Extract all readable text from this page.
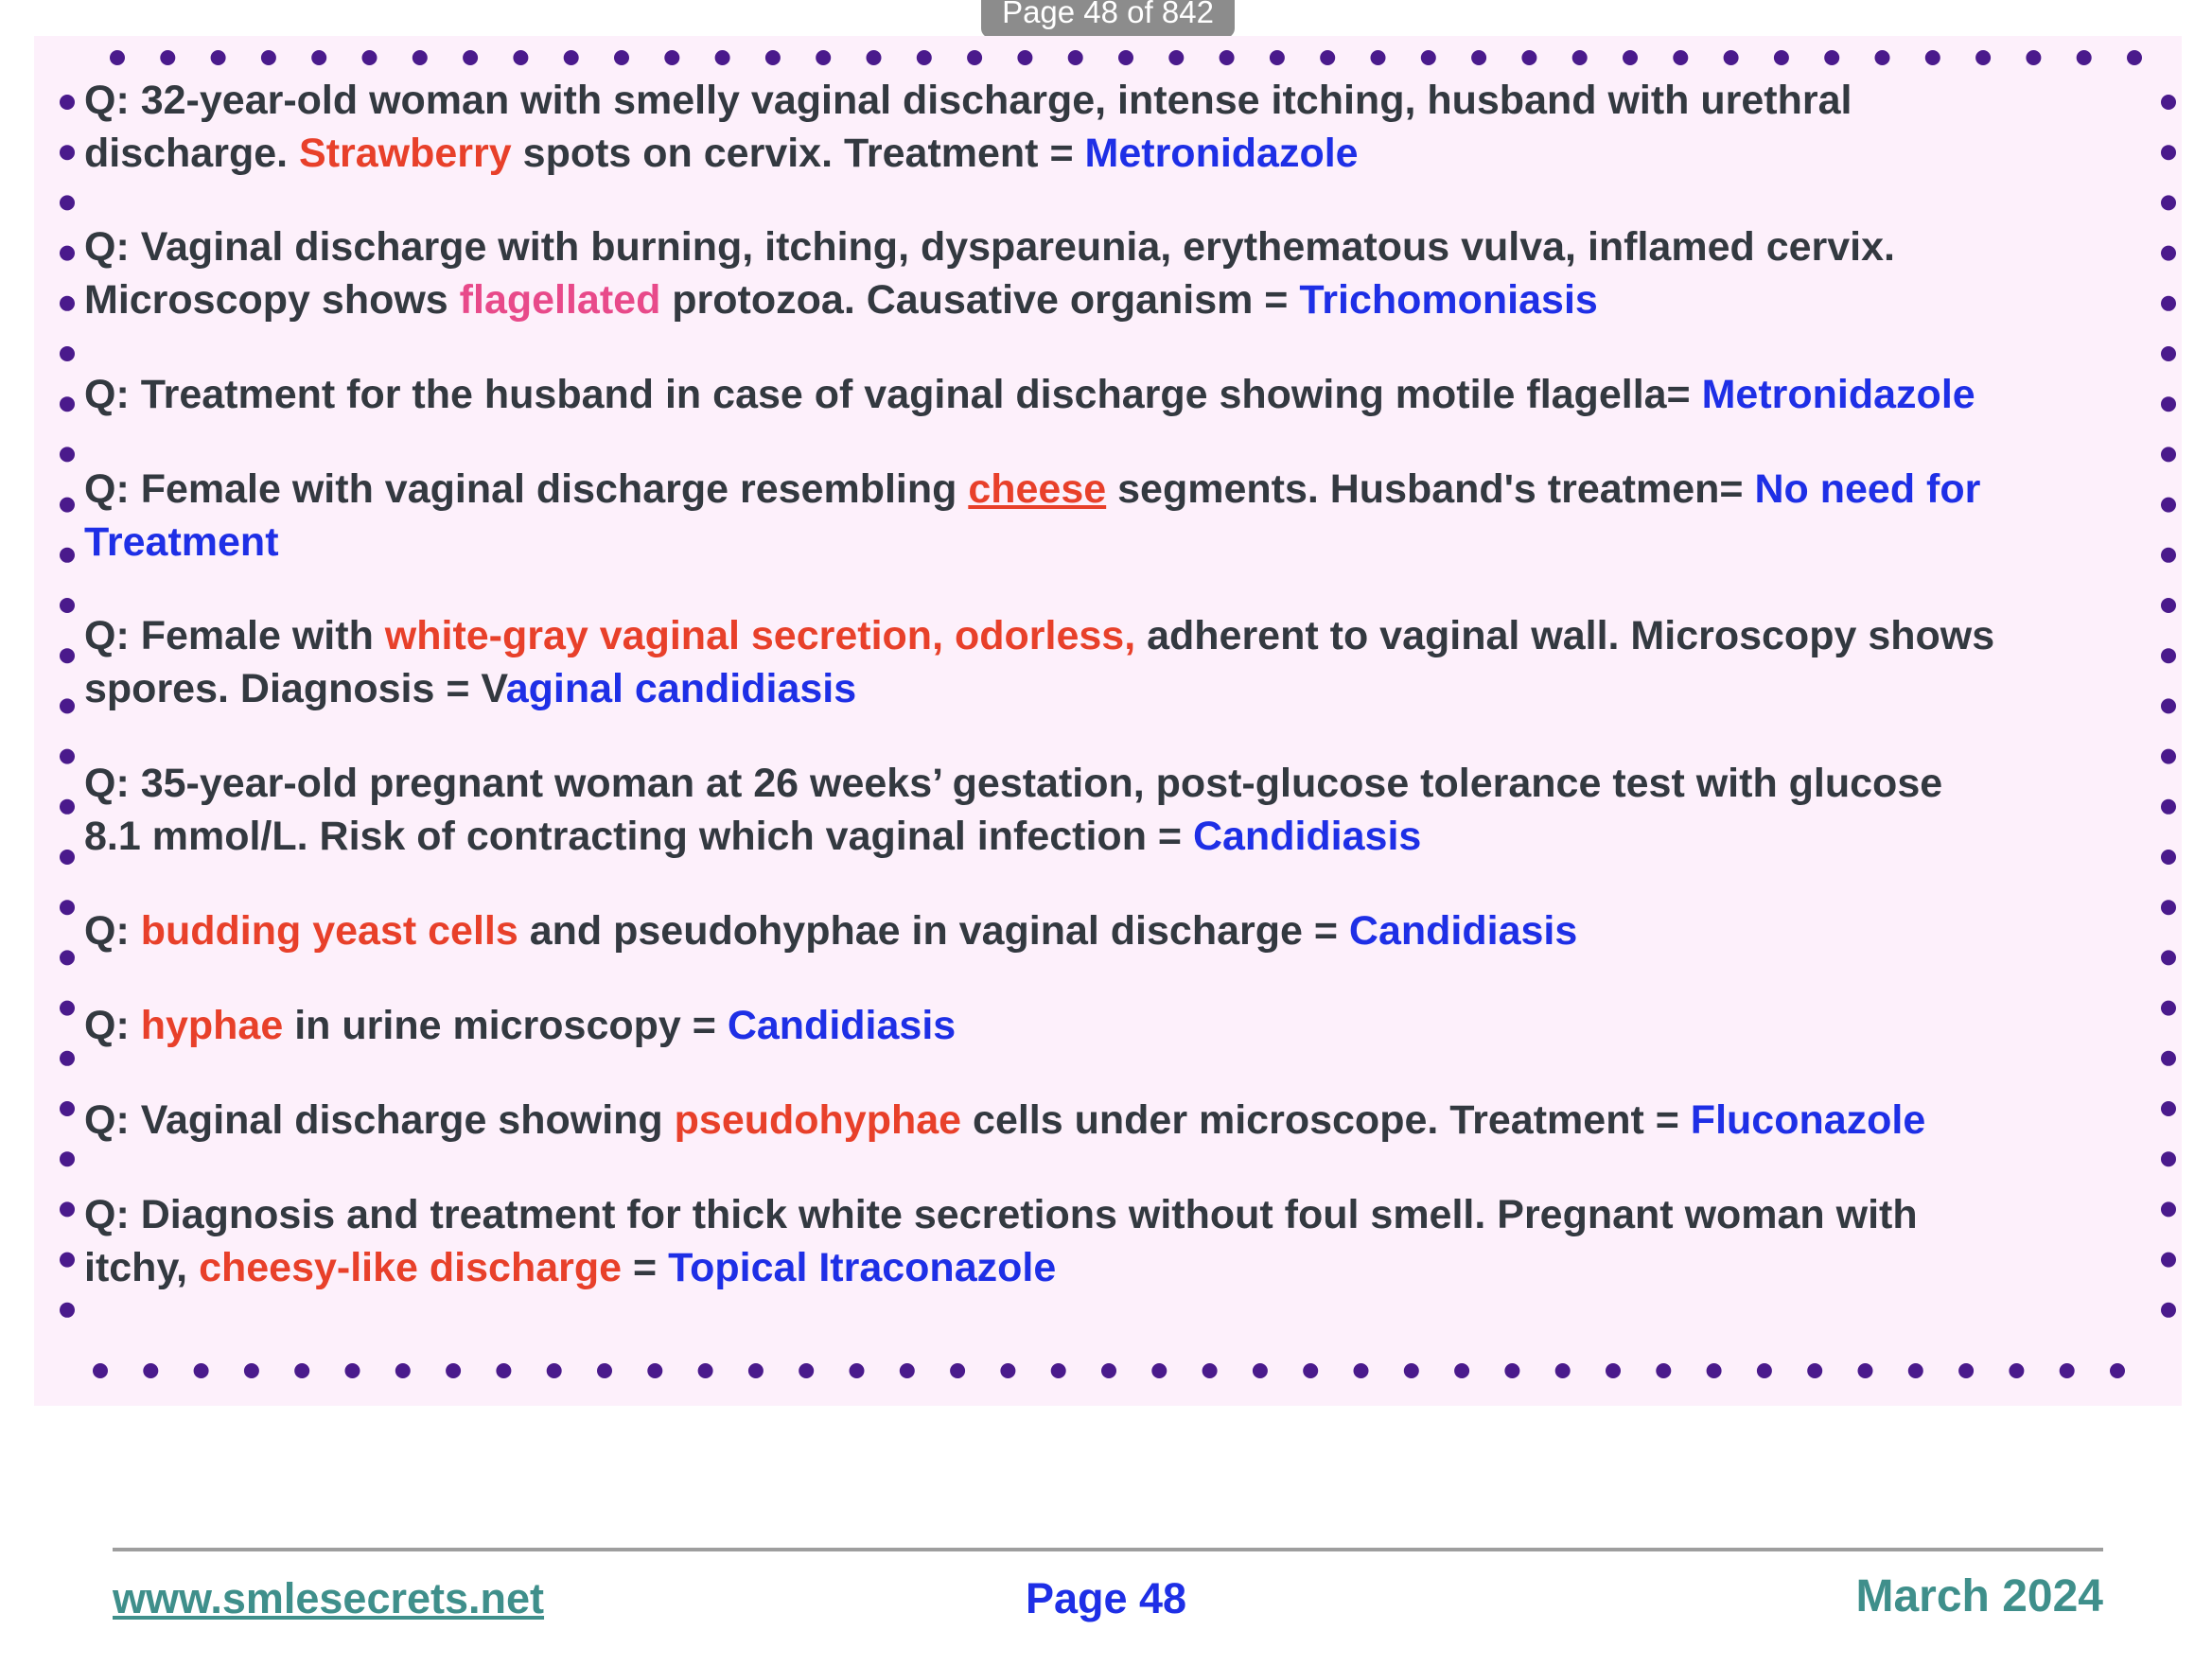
Page 48 of 842
Q: 32-year-old woman with smelly vaginal discharge, intense itching, husband with urethral
discharge. Strawberry spots on cervix. Treatment = Metronidazole
Q: Vaginal discharge with burning, itching, dyspareunia, erythematous vulva, inflamed cervix.
Microscopy shows flagellated protozoa. Causative organism = Trichomoniasis
Q: Treatment for the husband in case of vaginal discharge showing motile flagella= Metronidazole
Q: Female with vaginal discharge resembling cheese segments. Husband's treatmen= No need for
Treatment
Q: Female with white-gray vaginal secretion, odorless, adherent to vaginal wall. Microscopy shows
spores. Diagnosis = Vaginal candidiasis
Q: 35-year-old pregnant woman at 26 weeks’ gestation, post-glucose tolerance test with glucose
8.1 mmol/L. Risk of contracting which vaginal infection = Candidiasis
Q: budding yeast cells and pseudohyphae in vaginal discharge = Candidiasis
Q: hyphae in urine microscopy = Candidiasis
Q: Vaginal discharge showing pseudohyphae cells under microscope. Treatment = Fluconazole
Q: Diagnosis and treatment for thick white secretions without foul smell. Pregnant woman with
itchy, cheesy-like discharge = Topical Itraconazole
www.smlesecrets.net	Page 48	March 2024
